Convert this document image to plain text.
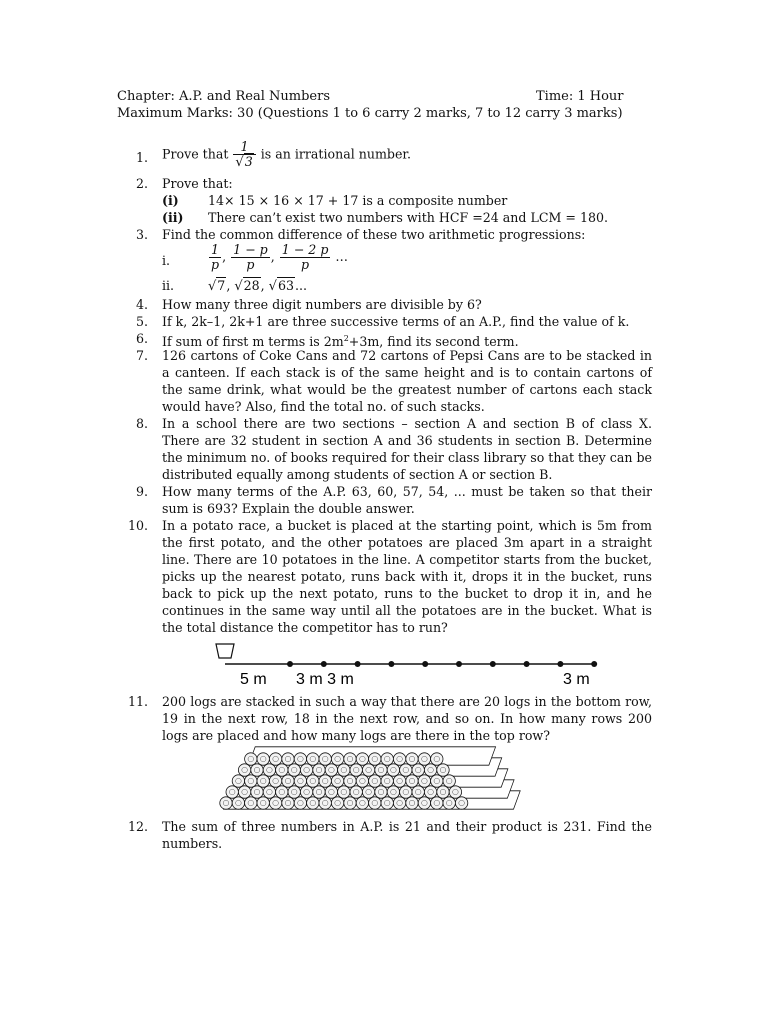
Chapter: A.P. and Real Numbers	Time: 1 Hour
Maximum Marks: 30 (Questions 1 to 6 carry 2 marks, 7 to 12 carry 3 marks)
1. Prove that $\frac{1}{√3}$ is an irrational number.
2. Prove that:
(i) 14× 15 × 16 × 17 + 17 is a composite number
(ii) There can’t exist two numbers with HCF =24 and LCM = 180.
3. Find the common difference of these two arithmetic progressions:
i.	$\frac{1}{p}$ , $\frac{1 - p}{p}$ , $\frac{1 - 2 p}{p}$ …
ii.	√7, √28, √63...
4. How many three digit numbers are divisible by 6?
5. If k, 2k–1, 2k+1 are three successive terms of an A.P., find the value of k.
6. If sum of first m terms is $2m^2+3m$, find its second term.
7. 126 cartons of Coke Cans and 72 cartons of Pepsi Cans are to be stacked in a canteen. If each stack is of the same height and is to contain cartons of the same drink, what would be the greatest number of cartons each stack would have? Also, find the total no. of such stacks.
8. In a school there are two sections – section A and section B of class X. There are 32 student in section A and 36 students in section B. Determine the minimum no. of books required for their class library so that they can be distributed equally among students of section A or section B.
9. How many terms of the A.P. 63, 60, 57, 54, ... must be taken so that their sum is 693? Explain the double answer.
10. In a potato race, a bucket is placed at the starting point, which is 5m from the first potato, and the other potatoes are placed 3m apart in a straight line. There are 10 potatoes in the line. A competitor starts from the bucket, picks up the nearest potato, runs back with it, drops it in the bucket, runs back to pick up the next potato, runs to the bucket to drop it in, and he continues in the same way until all the potatoes are in the bucket. What is the total distance the competitor has to run?
5 m 3 m 3 m	3 m
11. 200 logs are stacked in such a way that there are 20 logs in the bottom row, 19 in the next row, 18 in the next row, and so on. In how many rows 200 logs are placed and how many logs are there in the top row?
12. The sum of three numbers in A.P. is 21 and their product is 231. Find the numbers.
